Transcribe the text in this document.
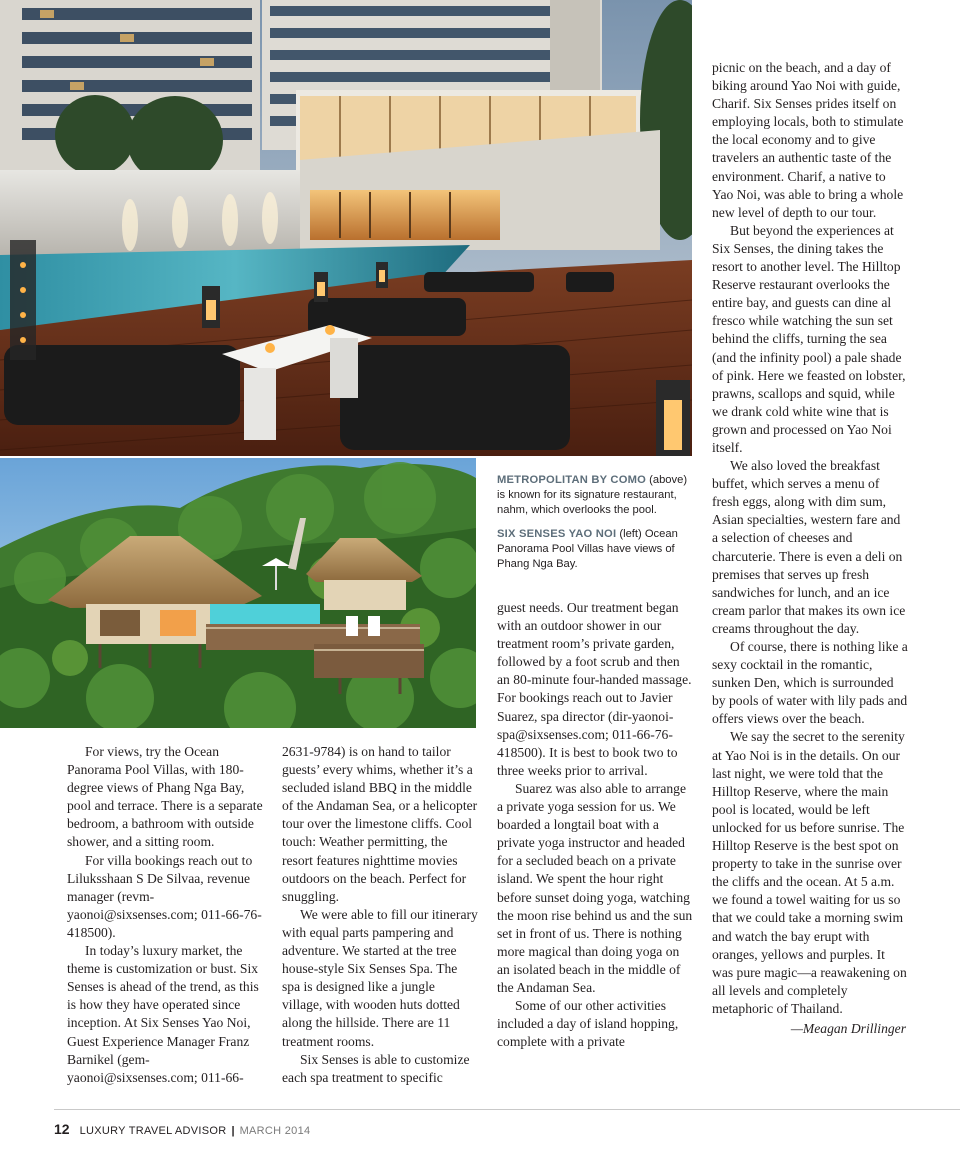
METROPOLITAN BY COMO (above) is known for its signature restaurant, nahm, which overlooks the pool.

SIX SENSES YAO NOI (left) Ocean Panorama Pool Villas have views of Phang Nga Bay.

For views, try the Ocean Panorama Pool Villas, with 180-degree views of Phang Nga Bay, pool and terrace. There is a separate bedroom, a bathroom with outside shower, and a sitting room.

For villa bookings reach out to Liluksshaan S De Silvaa, revenue manager (revm-yaonoi@sixsenses.com; 011-66-76-418500).

In today’s luxury market, the theme is customization or bust. Six Senses is ahead of the trend, as this is how they have operated since inception. At Six Senses Yao Noi, Guest Experience Manager Franz Barnikel (gem-yaonoi@sixsenses.com; 011-66-

2631-9784) is on hand to tailor guests’ every whims, whether it’s a secluded island BBQ in the middle of the Andaman Sea, or a helicopter tour over the limestone cliffs. Cool touch: Weather permitting, the resort features nighttime movies outdoors on the beach. Perfect for snuggling.

We were able to fill our itinerary with equal parts pampering and adventure. We started at the tree house-style Six Senses Spa. The spa is designed like a jungle village, with wooden huts dotted along the hillside. There are 11 treatment rooms.

Six Senses is able to customize each spa treatment to specific

guest needs. Our treatment began with an outdoor shower in our treatment room’s private garden, followed by a foot scrub and then an 80-minute four-handed massage. For bookings reach out to Javier Suarez, spa director (dir-yaonoi-spa@sixsenses.com; 011-66-76-418500). It is best to book two to three weeks prior to arrival.

Suarez was also able to arrange a private yoga session for us. We boarded a longtail boat with a private yoga instructor and headed for a secluded beach on a private island. We spent the hour right before sunset doing yoga, watching the moon rise behind us and the sun set in front of us. There is nothing more magical than doing yoga on an isolated beach in the middle of the Andaman Sea.

Some of our other activities included a day of island hopping, complete with a private

picnic on the beach, and a day of biking around Yao Noi with guide, Charif. Six Senses prides itself on employing locals, both to stimulate the local economy and to give travelers an authentic taste of the environment. Charif, a native to Yao Noi, was able to bring a whole new level of depth to our tour.

But beyond the experiences at Six Senses, the dining takes the resort to another level. The Hilltop Reserve restaurant overlooks the entire bay, and guests can dine al fresco while watching the sun set behind the cliffs, turning the sea (and the infinity pool) a pale shade of pink. Here we feasted on lobster, prawns, scallops and squid, while we drank cold white wine that is grown and processed on Yao Noi itself.

We also loved the breakfast buffet, which serves a menu of fresh eggs, along with dim sum, Asian specialties, western fare and a selection of cheeses and charcuterie. There is even a deli on premises that serves up fresh sandwiches for lunch, and an ice cream parlor that makes its own ice creams throughout the day.

Of course, there is nothing like a sexy cocktail in the romantic, sunken Den, which is surrounded by pools of water with lily pads and offers views over the beach.

We say the secret to the serenity at Yao Noi is in the details. On our last night, we were told that the Hilltop Reserve, where the main pool is located, would be left unlocked for us before sunrise. The Hilltop Reserve is the best spot on property to take in the sunrise over the cliffs and the ocean. At 5 a.m. we found a towel waiting for us so that we could take a morning swim and watch the bay erupt with oranges, yellows and purples. It was pure magic—a reawakening on all levels and completely metaphoric of Thailand.

—Meagan Drillinger

12 LUXURY TRAVEL ADVISOR | MARCH 2014
